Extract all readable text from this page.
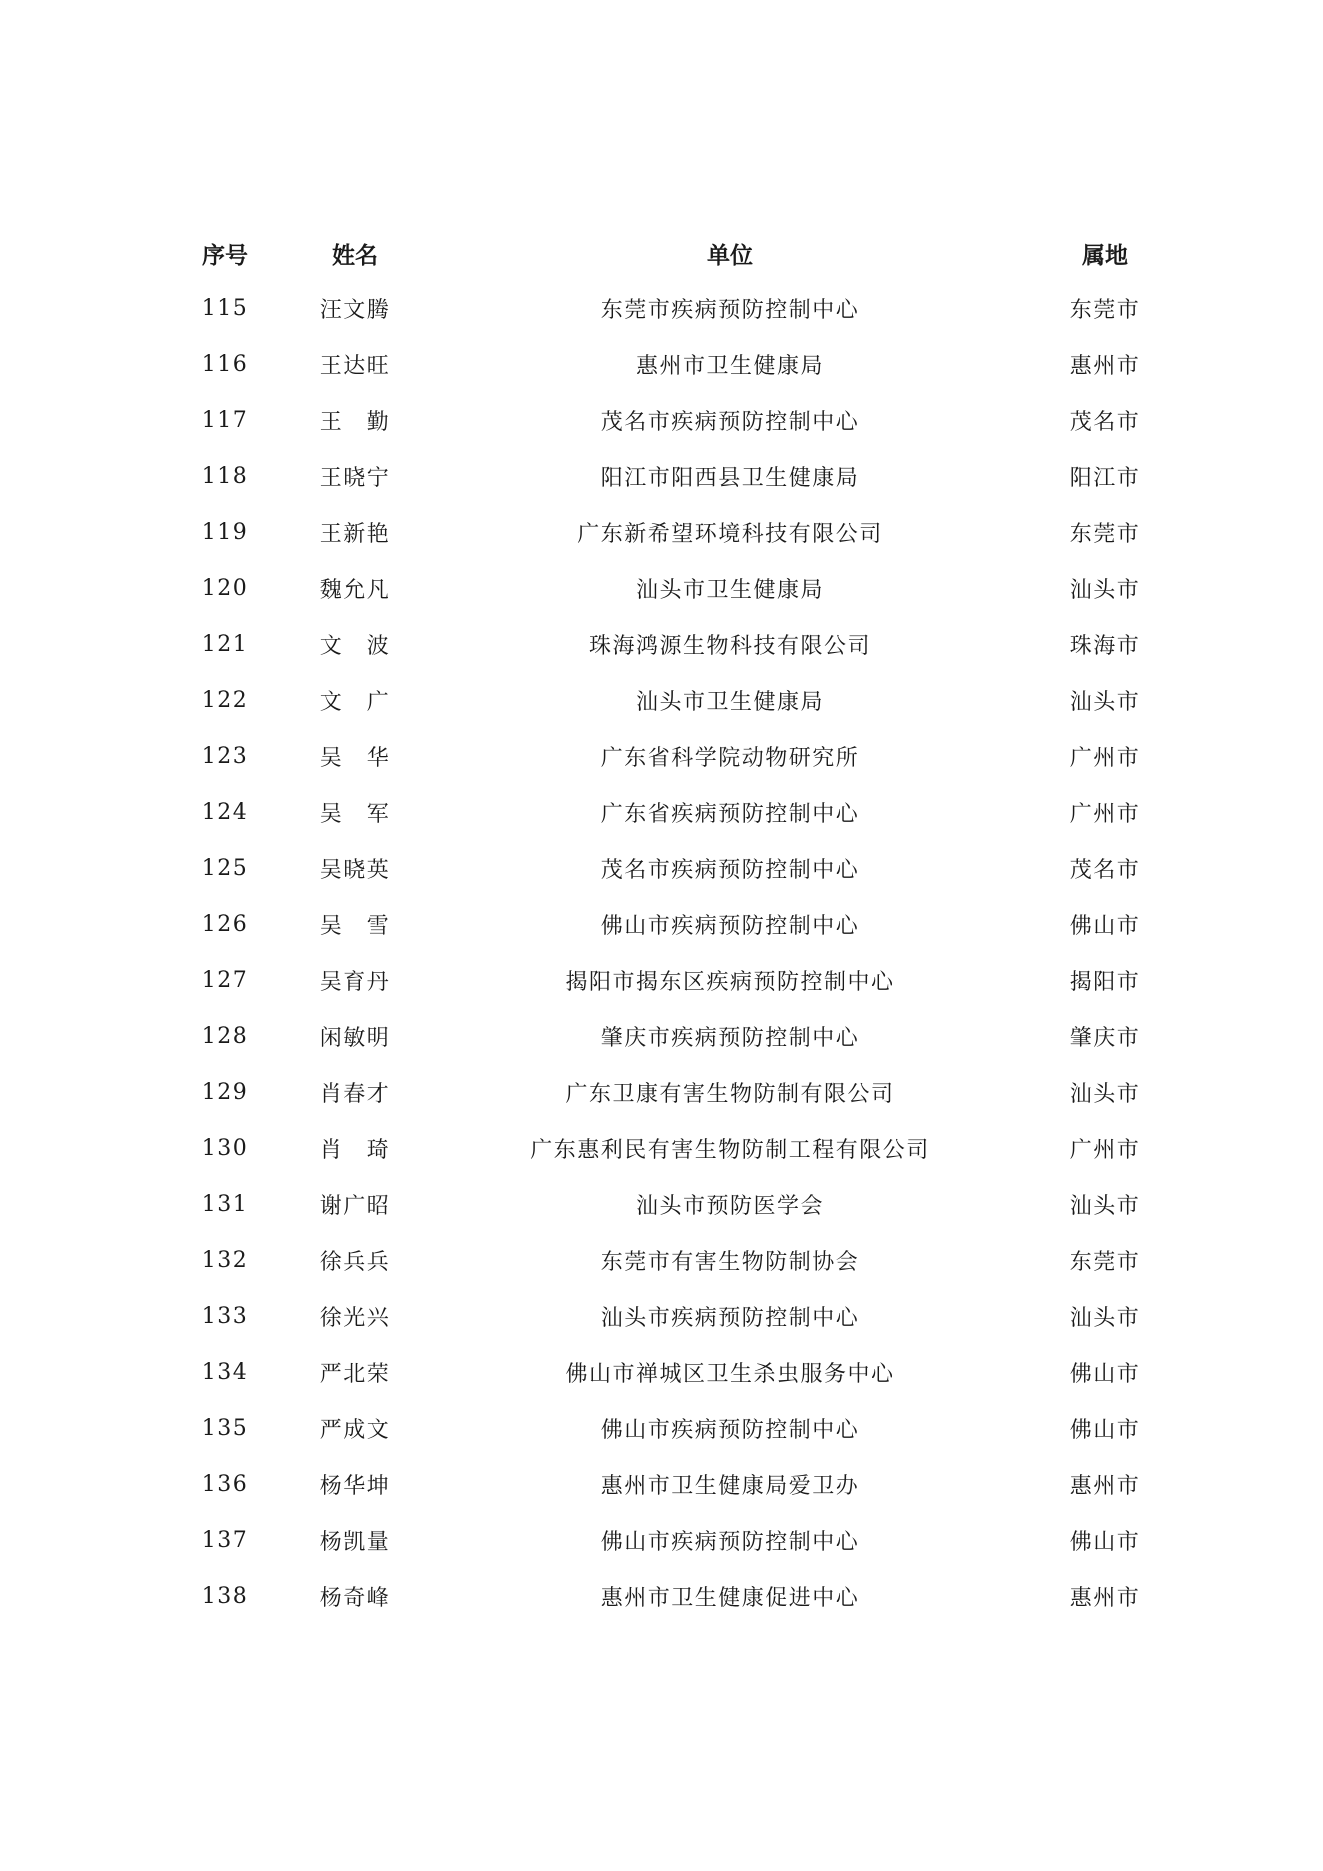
序号	姓名	单位	属地
115	汪文腾	东莞市疾病预防控制中心	东莞市
116	王达旺	惠州市卫生健康局	惠州市
117	王　勤	茂名市疾病预防控制中心	茂名市
118	王晓宁	阳江市阳西县卫生健康局	阳江市
119	王新艳	广东新希望环境科技有限公司	东莞市
120	魏允凡	汕头市卫生健康局	汕头市
121	文　波	珠海鸿源生物科技有限公司	珠海市
122	文　广	汕头市卫生健康局	汕头市
123	吴　华	广东省科学院动物研究所	广州市
124	吴　军	广东省疾病预防控制中心	广州市
125	吴晓英	茂名市疾病预防控制中心	茂名市
126	吴　雪	佛山市疾病预防控制中心	佛山市
127	吴育丹	揭阳市揭东区疾病预防控制中心	揭阳市
128	闲敏明	肇庆市疾病预防控制中心	肇庆市
129	肖春才	广东卫康有害生物防制有限公司	汕头市
130	肖　琦	广东惠利民有害生物防制工程有限公司	广州市
131	谢广昭	汕头市预防医学会	汕头市
132	徐兵兵	东莞市有害生物防制协会	东莞市
133	徐光兴	汕头市疾病预防控制中心	汕头市
134	严北荣	佛山市禅城区卫生杀虫服务中心	佛山市
135	严成文	佛山市疾病预防控制中心	佛山市
136	杨华坤	惠州市卫生健康局爱卫办	惠州市
137	杨凯量	佛山市疾病预防控制中心	佛山市
138	杨奇峰	惠州市卫生健康促进中心	惠州市
